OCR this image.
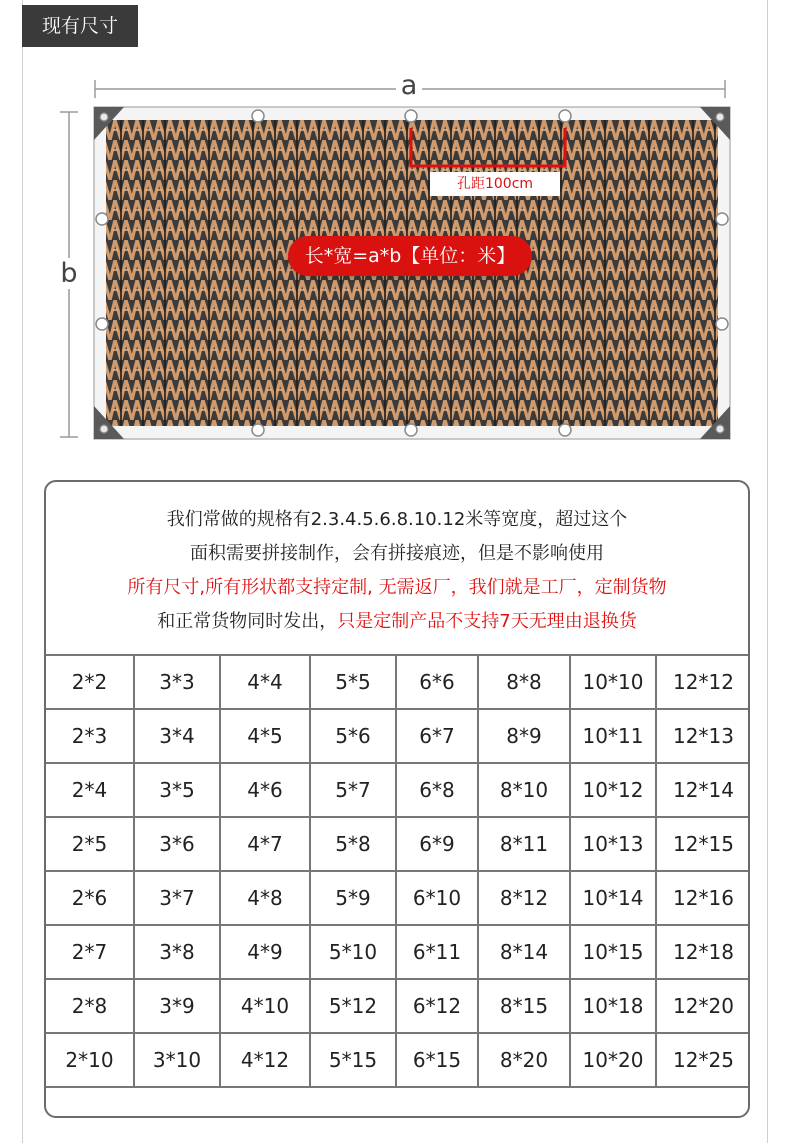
现有尺寸
a
b
孔距100cm
长*宽=a*b【单位：米】
我们常做的规格有2.3.4.5.6.8.10.12米等宽度，超过这个
面积需要拼接制作，会有拼接痕迹，但是不影响使用
所有尺寸,所有形状都支持定制, 无需返厂，我们就是工厂，定制货物
和正常货物同时发出，只是定制产品不支持7天无理由退换货
2*2	3*3	4*4	5*5	6*6	8*8	10*10	12*12
2*3	3*4	4*5	5*6	6*7	8*9	10*11	12*13
2*4	3*5	4*6	5*7	6*8	8*10	10*12	12*14
2*5	3*6	4*7	5*8	6*9	8*11	10*13	12*15
2*6	3*7	4*8	5*9	6*10	8*12	10*14	12*16
2*7	3*8	4*9	5*10	6*11	8*14	10*15	12*18
2*8	3*9	4*10	5*12	6*12	8*15	10*18	12*20
2*10	3*10	4*12	5*15	6*15	8*20	10*20	12*25
